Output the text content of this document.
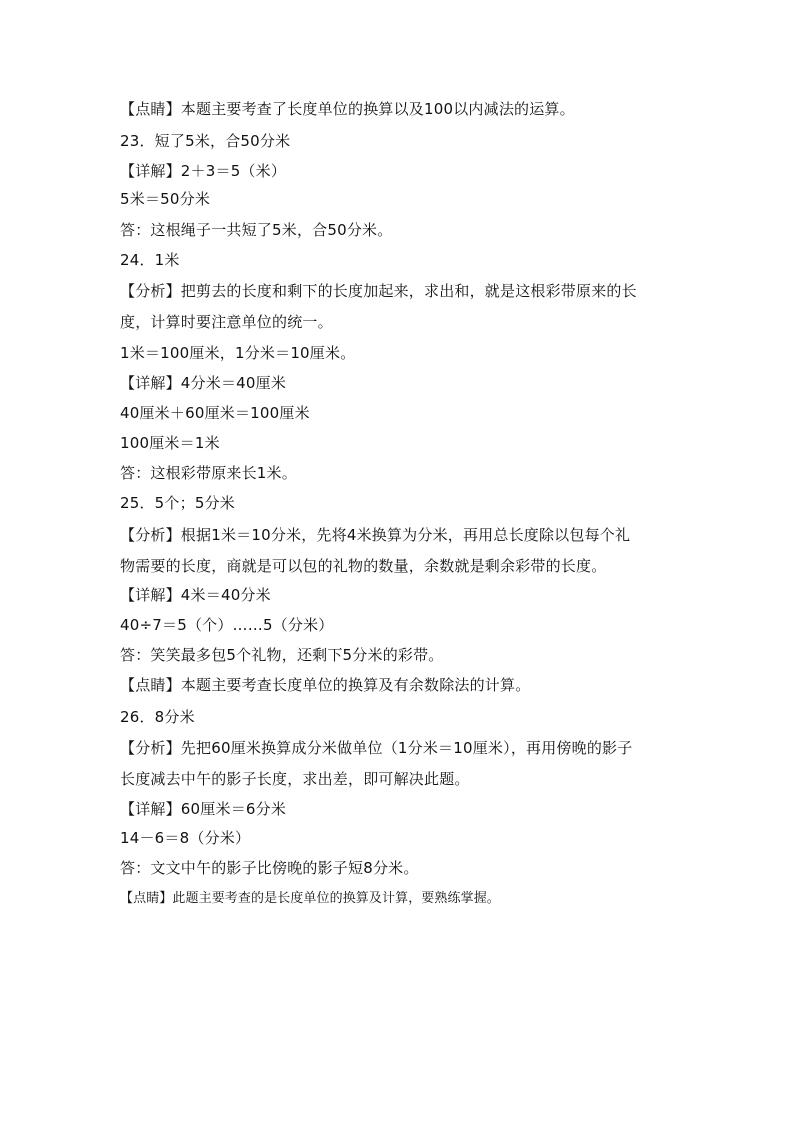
【点睛】本题主要考查了长度单位的换算以及100以内减法的运算。
23．短了5米，合50分米
【详解】2＋3＝5（米）
5米＝50分米
答：这根绳子一共短了5米，合50分米。
24．1米
【分析】把剪去的长度和剩下的长度加起来，求出和，就是这根彩带原来的长
度，计算时要注意单位的统一。
1米＝100厘米，1分米＝10厘米。
【详解】4分米＝40厘米
40厘米＋60厘米＝100厘米
100厘米＝1米
答：这根彩带原来长1米。
25．5个；5分米
【分析】根据1米＝10分米，先将4米换算为分米，再用总长度除以包每个礼
物需要的长度，商就是可以包的礼物的数量，余数就是剩余彩带的长度。
【详解】4米＝40分米
40÷7＝5（个）……5（分米）
答：笑笑最多包5个礼物，还剩下5分米的彩带。
【点睛】本题主要考查长度单位的换算及有余数除法的计算。
26．8分米
【分析】先把60厘米换算成分米做单位（1分米＝10厘米），再用傍晚的影子
长度减去中午的影子长度，求出差，即可解决此题。
【详解】60厘米＝6分米
14－6＝8（分米）
答：文文中午的影子比傍晚的影子短8分米。
【点睛】此题主要考查的是长度单位的换算及计算，要熟练掌握。
